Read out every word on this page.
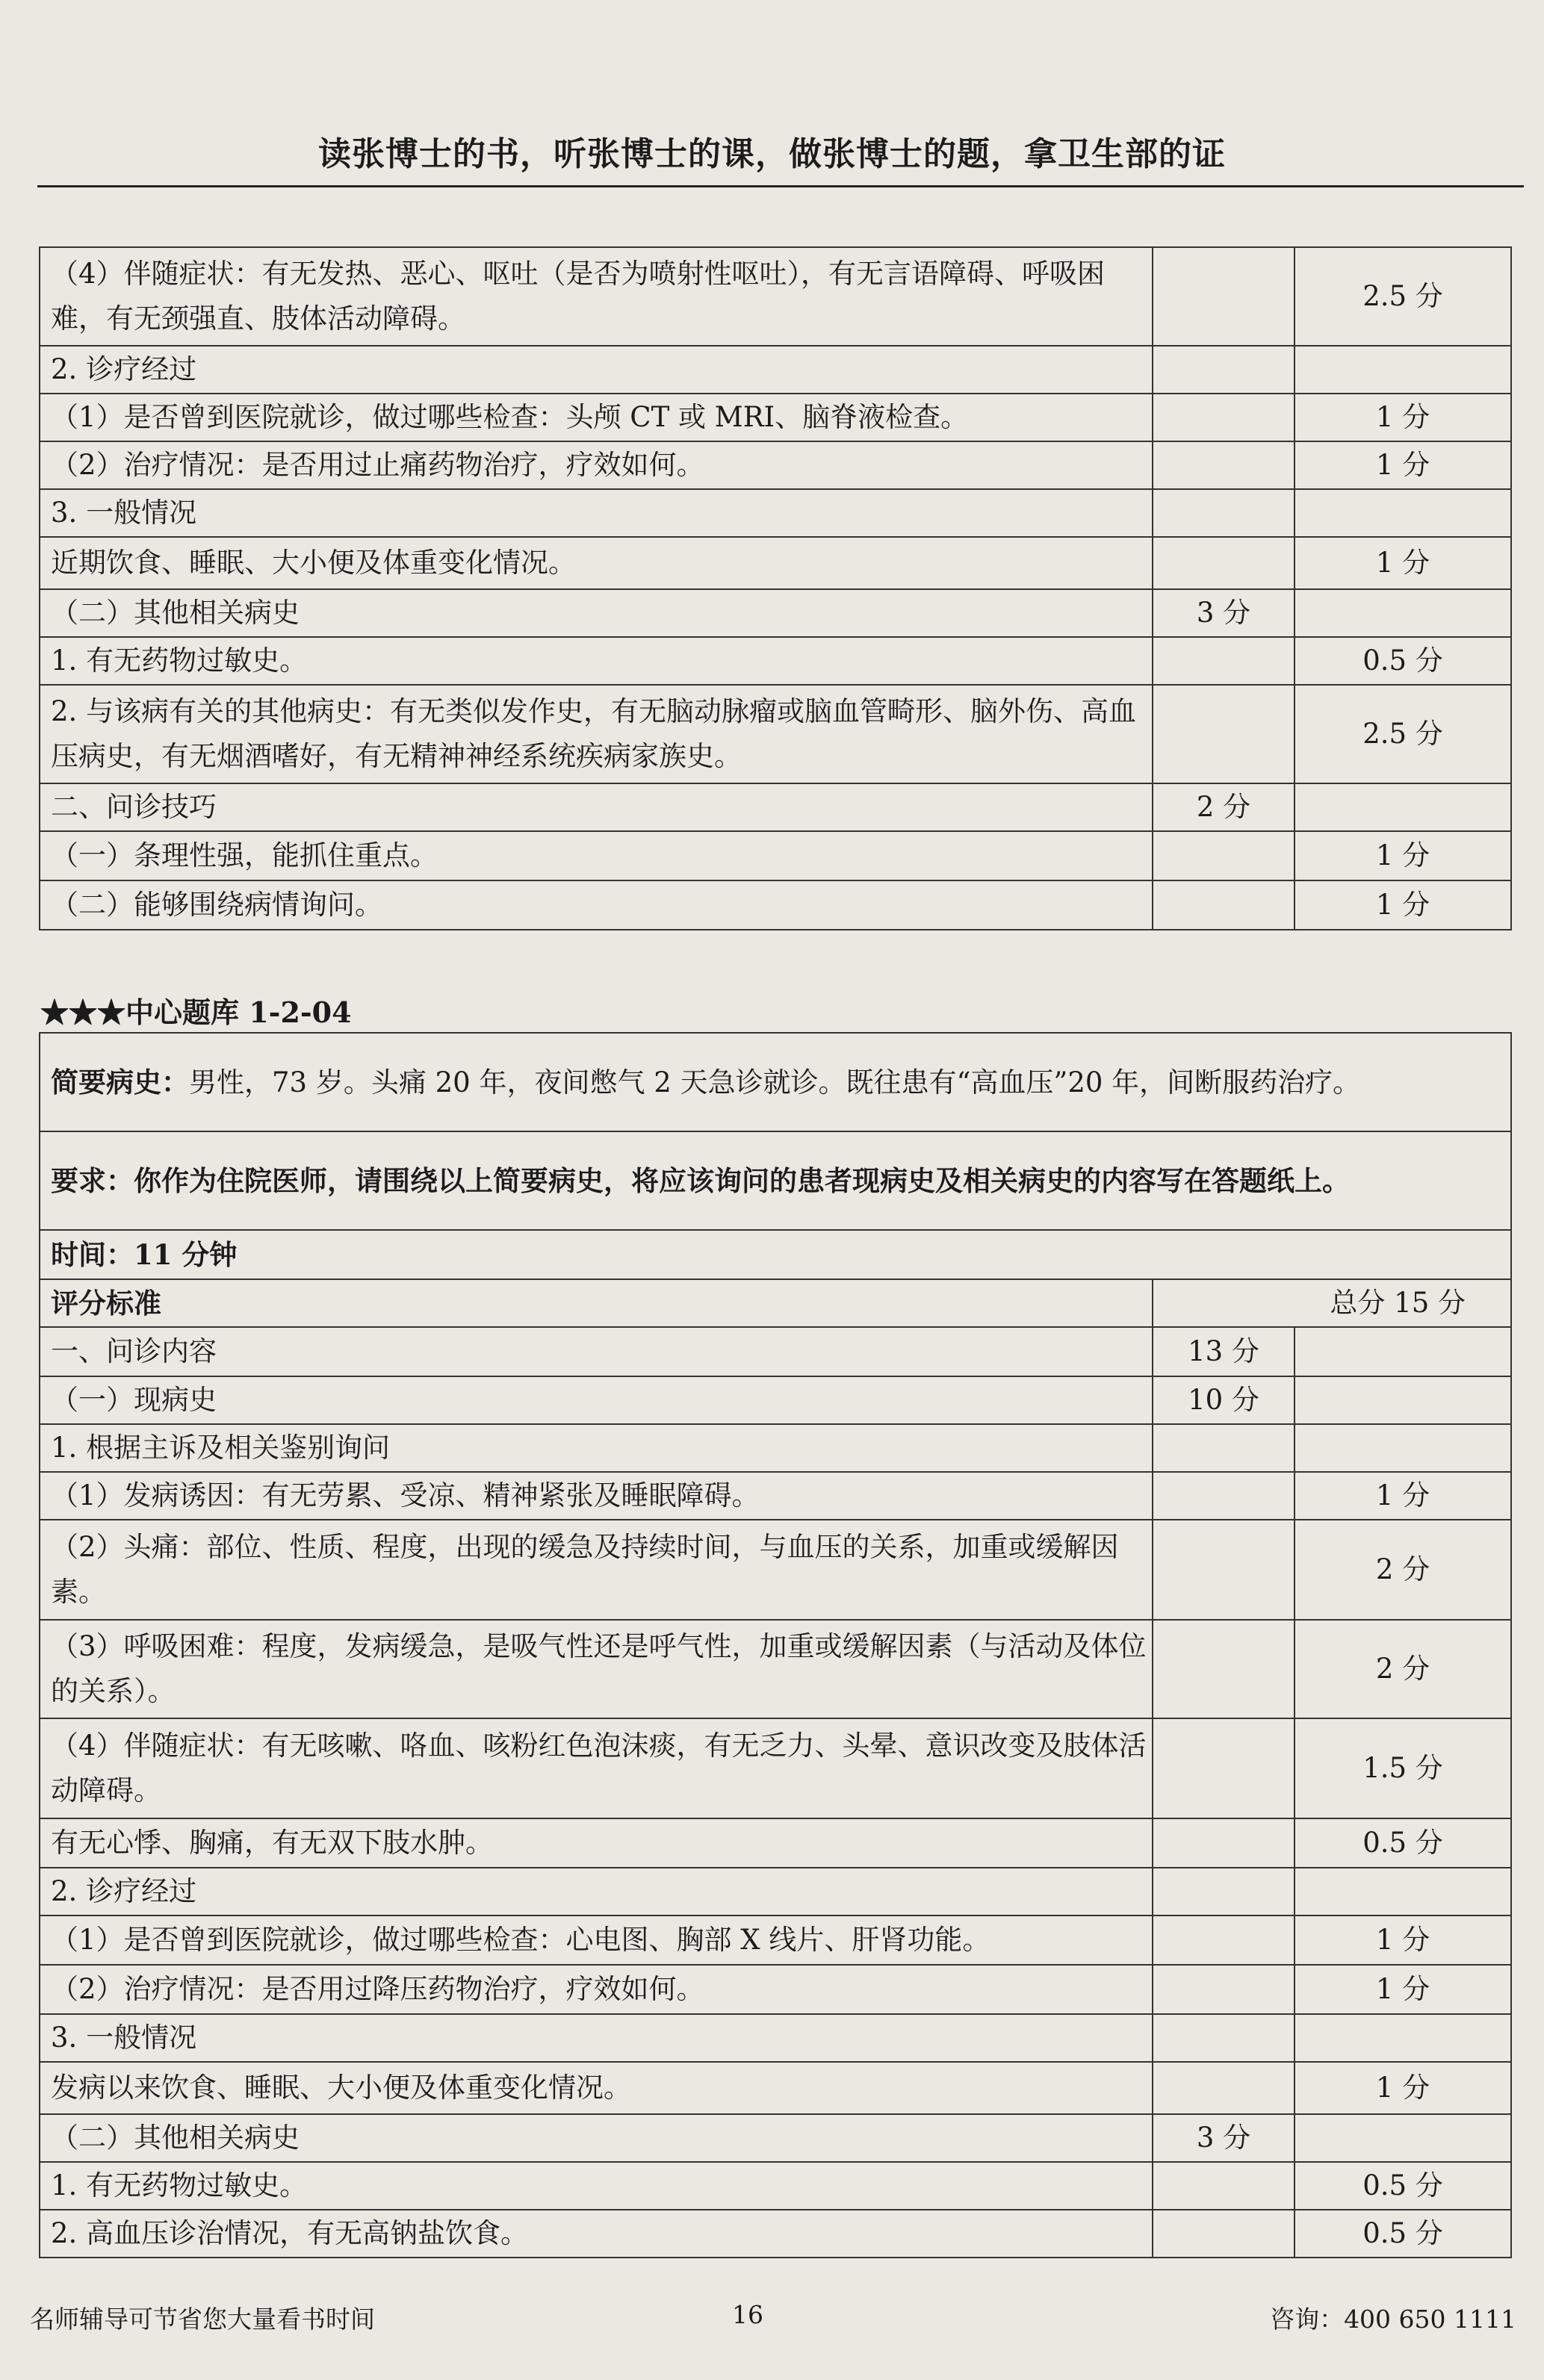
读张博士的书，听张博士的课，做张博士的题，拿卫生部的证
（4）伴随症状：有无发热、恶心、呕吐（是否为喷射性呕吐），有无言语障碍、呼吸困难，有无颈强直、肢体活动障碍。		2.5 分
2. 诊疗经过		
（1）是否曾到医院就诊，做过哪些检查：头颅 CT 或 MRI、脑脊液检查。		1 分
（2）治疗情况：是否用过止痛药物治疗，疗效如何。		1 分
3. 一般情况		
近期饮食、睡眠、大小便及体重变化情况。		1 分
（二）其他相关病史	3 分	
1. 有无药物过敏史。		0.5 分
2. 与该病有关的其他病史：有无类似发作史，有无脑动脉瘤或脑血管畸形、脑外伤、高血压病史，有无烟酒嗜好，有无精神神经系统疾病家族史。		2.5 分
二、问诊技巧	2 分	
（一）条理性强，能抓住重点。		1 分
（二）能够围绕病情询问。		1 分
★★★中心题库 1-2-04
简要病史：男性，73 岁。头痛 20 年，夜间憋气 2 天急诊就诊。既往患有“高血压”20 年，间断服药治疗。		
要求：你作为住院医师，请围绕以上简要病史，将应该询问的患者现病史及相关病史的内容写在答题纸上。		
时间：11 分钟		
评分标准	总分 15 分	
一、问诊内容	13 分	
（一）现病史	10 分	
1. 根据主诉及相关鉴别询问		
（1）发病诱因：有无劳累、受凉、精神紧张及睡眠障碍。		1 分
（2）头痛：部位、性质、程度，出现的缓急及持续时间，与血压的关系，加重或缓解因素。		2 分
（3）呼吸困难：程度，发病缓急，是吸气性还是呼气性，加重或缓解因素（与活动及体位的关系）。		2 分
（4）伴随症状：有无咳嗽、咯血、咳粉红色泡沫痰，有无乏力、头晕、意识改变及肢体活动障碍。		1.5 分
有无心悸、胸痛，有无双下肢水肿。		0.5 分
2. 诊疗经过		
（1）是否曾到医院就诊，做过哪些检查：心电图、胸部 X 线片、肝肾功能。		1 分
（2）治疗情况：是否用过降压药物治疗，疗效如何。		1 分
3. 一般情况		
发病以来饮食、睡眠、大小便及体重变化情况。		1 分
（二）其他相关病史	3 分	
1. 有无药物过敏史。		0.5 分
2. 高血压诊治情况，有无高钠盐饮食。		0.5 分
名师辅导可节省您大量看书时间	16	咨询：400 650 1111
